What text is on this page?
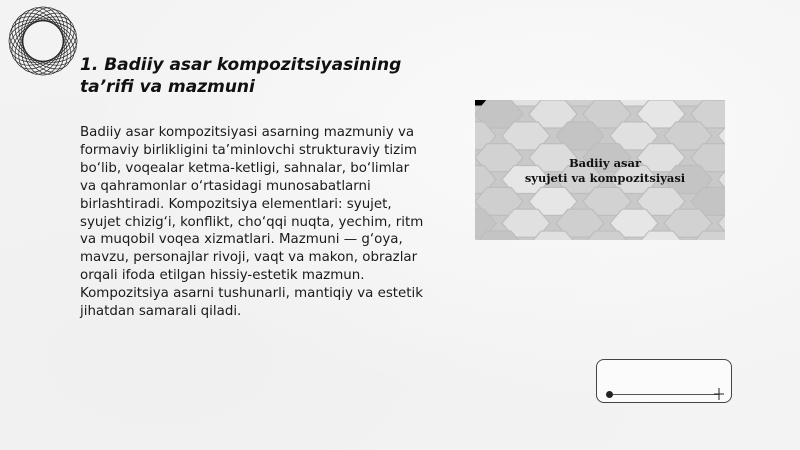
1. Badiiy asar kompozitsiyasining
ta’rifi va mazmuni

Badiiy asar kompozitsiyasi asarning mazmuniy va formaviy birlikligini ta’minlovchi strukturaviy tizim bo‘lib, voqealar ketma-ketligi, sahnalar, bo‘limlar va qahramonlar o‘rtasidagi munosabatlarni birlashtiradi. Kompozitsiya elementlari: syujet, syujet chizig‘i, konflikt, cho‘qqi nuqta, yechim, ritm va muqobil voqea xizmatlari. Mazmuni — g‘oya, mavzu, personajlar rivoji, vaqt va makon, obrazlar orqali ifoda etilgan hissiy-estetik mazmun. Kompozitsiya asarni tushunarli, mantiqiy va estetik jihatdan samarali qiladi.

Badiiy asar
syujeti va kompozitsiyasi
